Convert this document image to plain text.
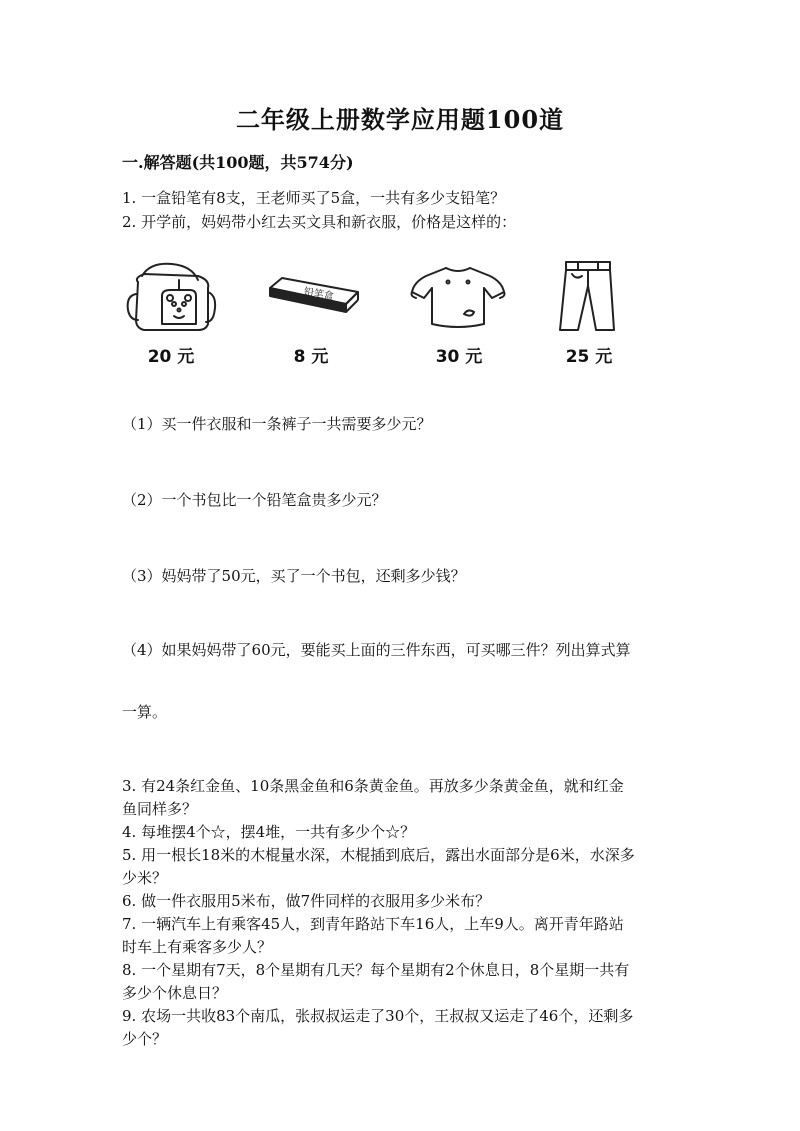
二年级上册数学应用题100道
一.解答题(共100题，共574分)
1. 一盒铅笔有8支，王老师买了5盒，一共有多少支铅笔？
2. 开学前，妈妈带小红去买文具和新衣服，价格是这样的：
20 元
铅笔盒
8 元	30 元	25 元
（1）买一件衣服和一条裤子一共需要多少元？
（2）一个书包比一个铅笔盒贵多少元？
（3）妈妈带了50元，买了一个书包，还剩多少钱？
（4）如果妈妈带了60元，要能买上面的三件东西，可买哪三件？列出算式算
一算。
3. 有24条红金鱼、10条黑金鱼和6条黄金鱼。再放多少条黄金鱼，就和红金
鱼同样多？
4. 每堆摆4个☆，摆4堆，一共有多少个☆？
5. 用一根长18米的木棍量水深，木棍插到底后，露出水面部分是6米，水深多
少米？
6. 做一件衣服用5米布，做7件同样的衣服用多少米布？
7. 一辆汽车上有乘客45人，到青年路站下车16人，上车9人。离开青年路站
时车上有乘客多少人？
8. 一个星期有7天，8个星期有几天？每个星期有2个休息日，8个星期一共有
多少个休息日？
9. 农场一共收83个南瓜，张叔叔运走了30个，王叔叔又运走了46个，还剩多
少个？
